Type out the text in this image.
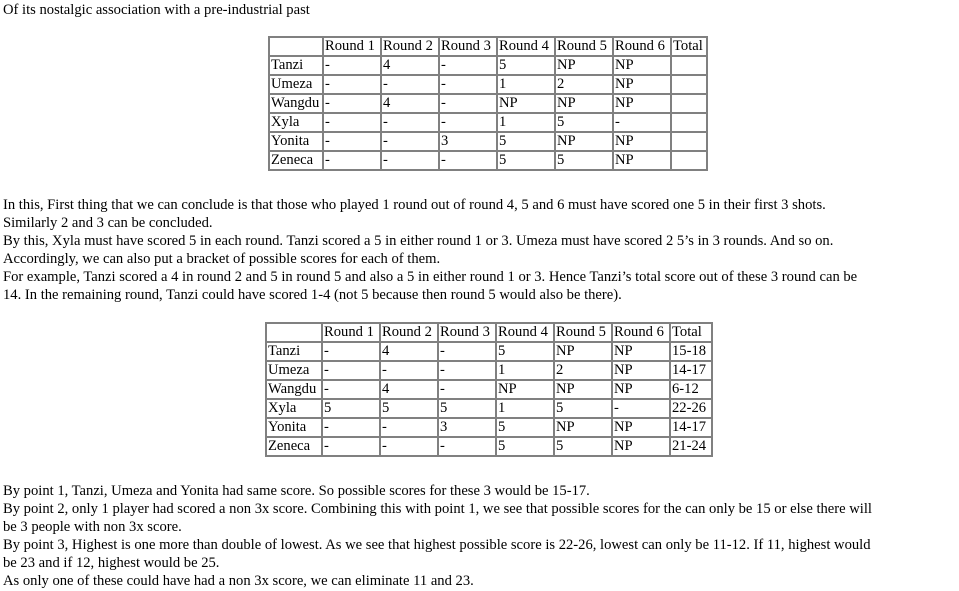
Of its nostalgic association with a pre-industrial past

	Round 1	Round 2	Round 3	Round 4	Round 5	Round 6	Total
Tanzi	-	4	-	5	NP	NP	
Umeza	-	-	-	1	2	NP	
Wangdu	-	4	-	NP	NP	NP	
Xyla	-	-	-	1	5	-	
Yonita	-	-	3	5	NP	NP	
Zeneca	-	-	-	5	5	NP	

In this, First thing that we can conclude is that those who played 1 round out of round 4, 5 and 6 must have scored one 5 in their first 3 shots.

Similarly 2 and 3 can be concluded.

By this, Xyla must have scored 5 in each round. Tanzi scored a 5 in either round 1 or 3. Umeza must have scored 2 5’s in 3 rounds. And so on.

Accordingly, we can also put a bracket of possible scores for each of them.

For example, Tanzi scored a 4 in round 2 and 5 in round 5 and also a 5 in either round 1 or 3. Hence Tanzi’s total score out of these 3 round can be

14. In the remaining round, Tanzi could have scored 1-4 (not 5 because then round 5 would also be there).

	Round 1	Round 2	Round 3	Round 4	Round 5	Round 6	Total
Tanzi	-	4	-	5	NP	NP	15-18
Umeza	-	-	-	1	2	NP	14-17
Wangdu	-	4	-	NP	NP	NP	6-12
Xyla	5	5	5	1	5	-	22-26
Yonita	-	-	3	5	NP	NP	14-17
Zeneca	-	-	-	5	5	NP	21-24

By point 1, Tanzi, Umeza and Yonita had same score. So possible scores for these 3 would be 15-17.

By point 2, only 1 player had scored a non 3x score. Combining this with point 1, we see that possible scores for the can only be 15 or else there will

be 3 people with non 3x score.

By point 3, Highest is one more than double of lowest. As we see that highest possible score is 22-26, lowest can only be 11-12. If 11, highest would

be 23 and if 12, highest would be 25.

As only one of these could have had a non 3x score, we can eliminate 11 and 23.
